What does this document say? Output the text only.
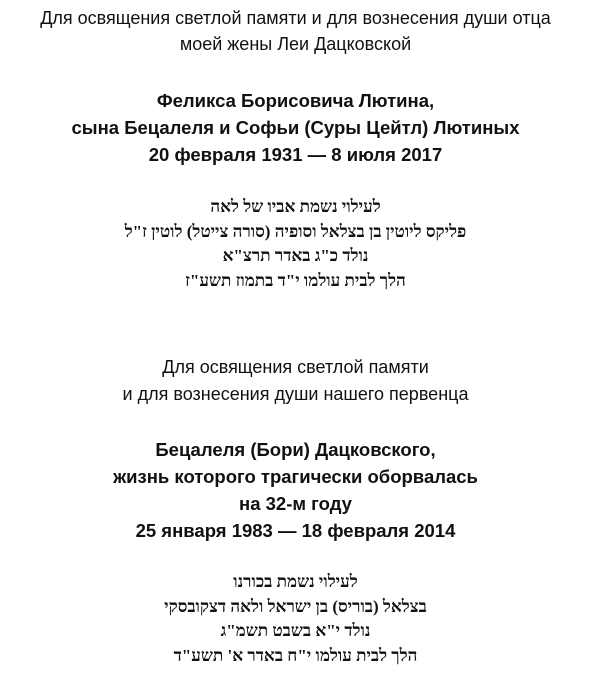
Для освящения светлой памяти и для вознесения души отца
моей жены Леи Дацковской
Феликса Борисовича Лютина,
сына Бецалеля и Софьи (Суры Цейтл) Лютиных
20 февраля 1931 — 8 июля 2017
לעילוי נשמת אביו של לאה
פליקס ליוטין בן בצלאל וסופיה (סורה צייטל) לוטין ז"ל
נולד כ"ג באדר תרצ"א
הלך לבית עולמו י"ד בתמוז תשע"ז
Для освящения светлой памяти
и для вознесения души нашего первенца
Бецалеля (Бори) Дацковского,
жизнь которого трагически оборвалась
на 32-м году
25 января 1983 — 18 февраля 2014
לעילוי נשמת בכורנו
בצלאל (בוריס) בן ישראל ולאה דצקובסקי
נולד י"א בשבט תשמ"ג
הלך לבית עולמו י"ח באדר א' תשע"ד
